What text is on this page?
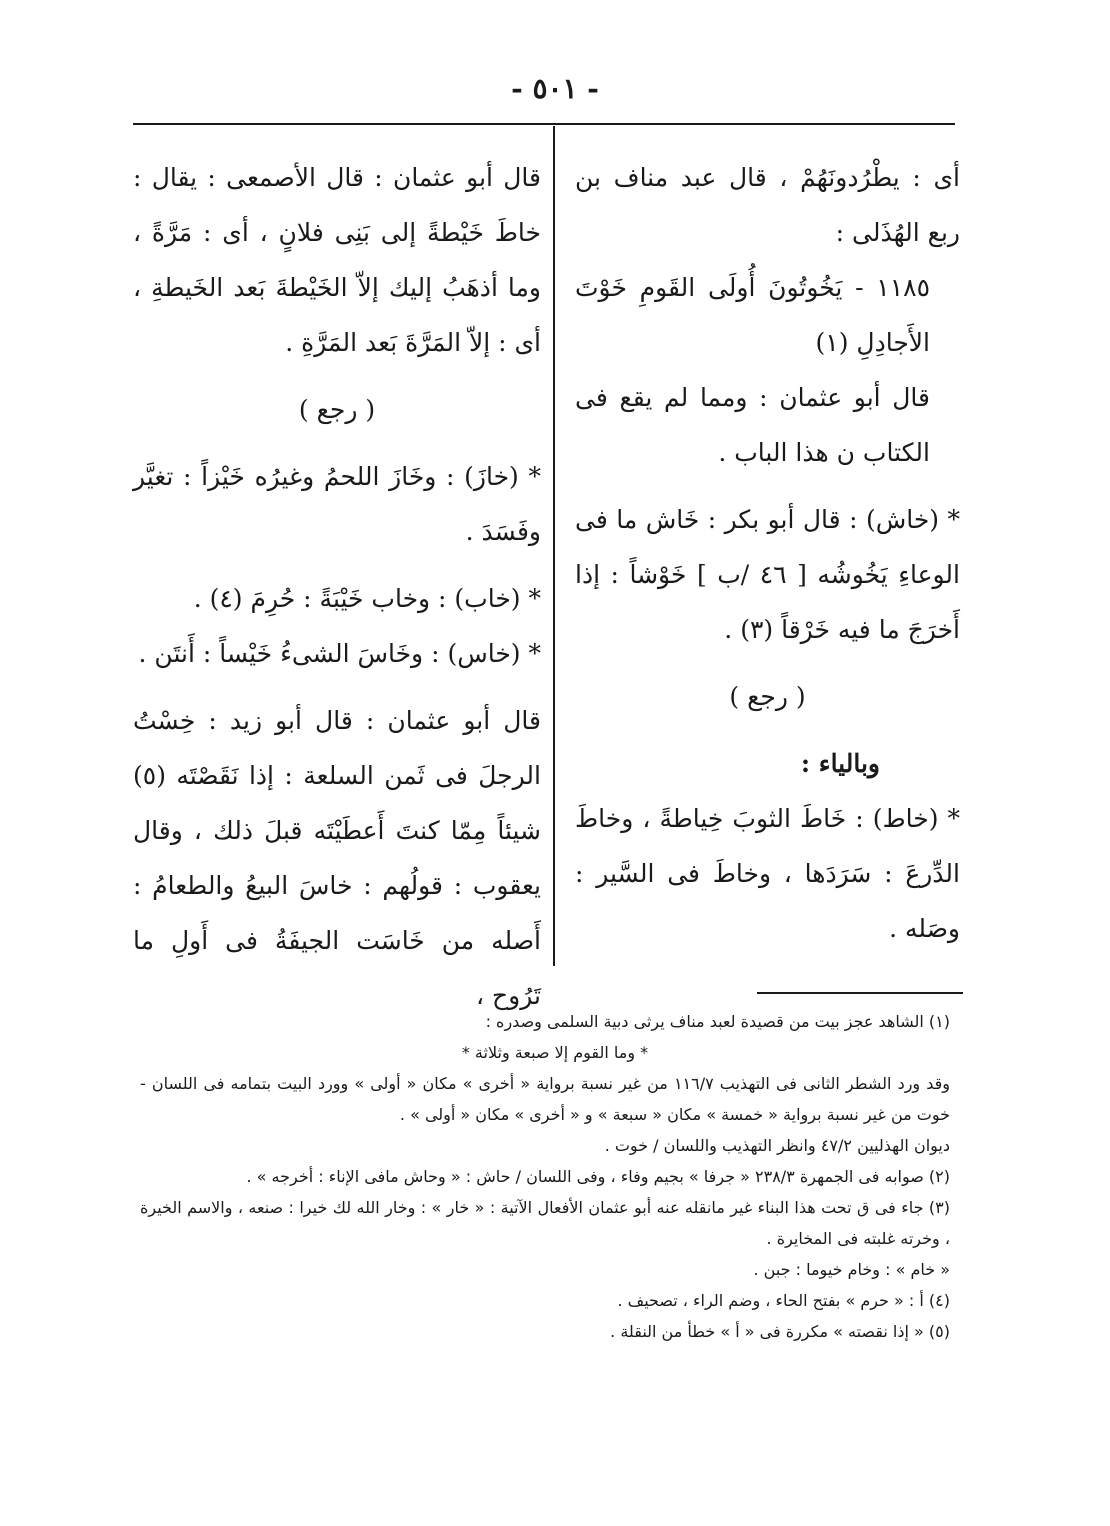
- ٥٠١ -

أى : يطْرُدونَهُمْ ، قال عبد مناف بن ربع الهُذَلى :

١١٨٥ - يَخُوتُونَ أُولَى القَومِ خَوْتَ الأَجادِلِ (١)

قال أبو عثمان : ومما لم يقع فى الكتاب ن هذا الباب .

* (خاش) : قال أبو بكر : خَاش ما فى الوعاءِ يَخُوشُه [ ٤٦ /ب ] خَوْشاً : إذا أَخرَجَ ما فيه خَرْقاً (٣) .

( رجع )

وبالياء :

* (خاط) : خَاطَ الثوبَ خِياطةً ، وخاطَ الدِّرعَ : سَرَدَها ، وخاطَ فى السَّير : وصَله .

قال أبو عثمان : قال الأصمعى : يقال : خاطَ خَيْطةً إلى بَنِى فلانٍ ، أى : مَرَّةً ، وما أذهَبُ إليك إلاّ الخَيْطةَ بَعد الخَيطةِ ، أى : إلاّ المَرَّةَ بَعد المَرَّةِ .

( رجع )

* (خازَ) : وخَازَ اللحمُ وغيرُه خَيْزاً : تغيَّر وفَسَدَ .

* (خاب) : وخاب خَيْبَةً : حُرِمَ (٤) .

* (خاس) : وخَاسَ الشىءُ خَيْساً : أَنتَن .

قال أبو عثمان : قال أبو زيد : خِسْتُ الرجلَ فى ثَمن السلعة : إذا نَقَصْتَه (٥) شيئاً مِمّا كنتَ أَعطَيْتَه قبلَ ذلك ، وقال يعقوب : قولُهم : خاسَ البيعُ والطعامُ : أَصله من خَاسَت الجيفَةُ فى أَولِ ما تَرُوح ،

(١) الشاهد عجز بيت من قصيدة لعبد مناف يرثى دبية السلمى وصدره :

* وما القوم إلا صبعة وثلاثة *

وقد ورد الشطر الثانى فى التهذيب ١١٦/٧ من غير نسبة برواية « أخرى » مكان « أولى » وورد البيت بتمامه فى اللسان - خوت من غير نسبة برواية « خمسة » مكان « سبعة » و « أخرى » مكان « أولى » .

ديوان الهذليين ٤٧/٢ وانظر التهذيب واللسان / خوت .

(٢) صوابه فى الجمهرة ٢٣٨/٣ « جرفا » بجيم وفاء ، وفى اللسان / حاش : « وحاش مافى الإناء : أخرجه » .

(٣) جاء فى ق تحت هذا البناء غير مانقله عنه أبو عثمان الأفعال الآتية : « خار » : وخار الله لك خيرا : صنعه ، والاسم الخيرة ، وخرته غلبته فى المخايرة .

« خام » : وخام خيوما : جبن .

(٤) أ : « حرم » بفتح الحاء ، وضم الراء ، تصحيف .

(٥) « إذا نقصته » مكررة فى « أ » خطأ من النقلة .
